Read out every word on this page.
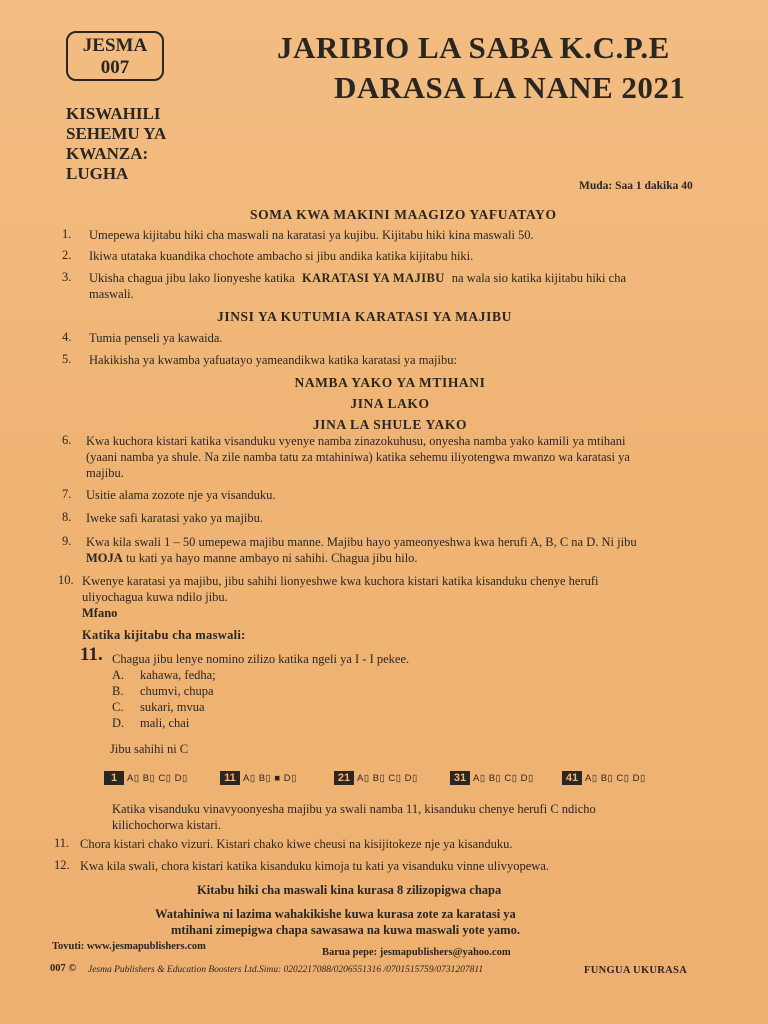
JESMA
007
JARIBIO LA SABA K.C.P.E
DARASA LA NANE 2021
KISWAHILI
SEHEMU YA
KWANZA:
LUGHA
Muda: Saa 1 dakika 40
SOMA KWA MAKINI MAAGIZO YAFUATAYO
1. Umepewa kijitabu hiki cha maswali na karatasi ya kujibu. Kijitabu hiki kina maswali 50.
2. Ikiwa utataka kuandika chochote ambacho si jibu andika katika kijitabu hiki.
3. Ukisha chagua jibu lako lionyeshe katika KARATASI YA MAJIBU na wala sio katika kijitabu hiki cha
maswali.
JINSI YA KUTUMIA KARATASI YA MAJIBU
4. Tumia penseli ya kawaida.
5. Hakikisha ya kwamba yafuatayo yameandikwa katika karatasi ya majibu:
NAMBA YAKO YA MTIHANI
JINA LAKO
JINA LA SHULE YAKO
6. Kwa kuchora kistari katika visanduku vyenye namba zinazokuhusu, onyesha namba yako kamili ya mtihani
(yaani namba ya shule. Na zile namba tatu za mtahiniwa) katika sehemu iliyotengwa mwanzo wa karatasi ya
majibu.
7. Usitie alama zozote nje ya visanduku.
8. Iweke safi karatasi yako ya majibu.
9. Kwa kila swali 1 – 50 umepewa majibu manne. Majibu hayo yameonyeshwa kwa herufi A, B, C na D. Ni jibu
MOJA tu kati ya hayo manne ambayo ni sahihi. Chagua jibu hilo.
10. Kwenye karatasi ya majibu, jibu sahihi lionyeshwe kwa kuchora kistari katika kisanduku chenye herufi
uliyochagua kuwa ndilo jibu.
Mfano
Katika kijitabu cha maswali:
11. Chagua jibu lenye nomino zilizo katika ngeli ya I - I pekee.
A. kahawa, fedha;
B. chumvi, chupa
C. sukari, mvua
D. mali, chai
Jibu sahihi ni C
1	A▯ B▯ C▯ D▯	11 A▯ B▯ ■ D▯	21 A▯ B▯ C▯ D▯	31 A▯ B▯ C▯ D▯	41 A▯ B▯ C▯ D▯
Katika visanduku vinavyoonyesha majibu ya swali namba 11, kisanduku chenye herufi C ndicho
kilichochorwa kistari.
11. Chora kistari chako vizuri. Kistari chako kiwe cheusi na kisijitokeze nje ya kisanduku.
12. Kwa kila swali, chora kistari katika kisanduku kimoja tu kati ya visanduku vinne ulivyopewa.
Kitabu hiki cha maswali kina kurasa 8 zilizopigwa chapa
Watahiniwa ni lazima wahakikishe kuwa kurasa zote za karatasi ya
mtihani zimepigwa chapa sawasawa na kuwa maswali yote yamo.
Tovuti: www.jesmapublishers.com
Barua pepe: jesmapublishers@yahoo.com
007 © Jesma Publishers & Education Boosters Ltd.Simu: 0202217088/0206551316 /0701515759/0731207811	FUNGUA UKURASA
